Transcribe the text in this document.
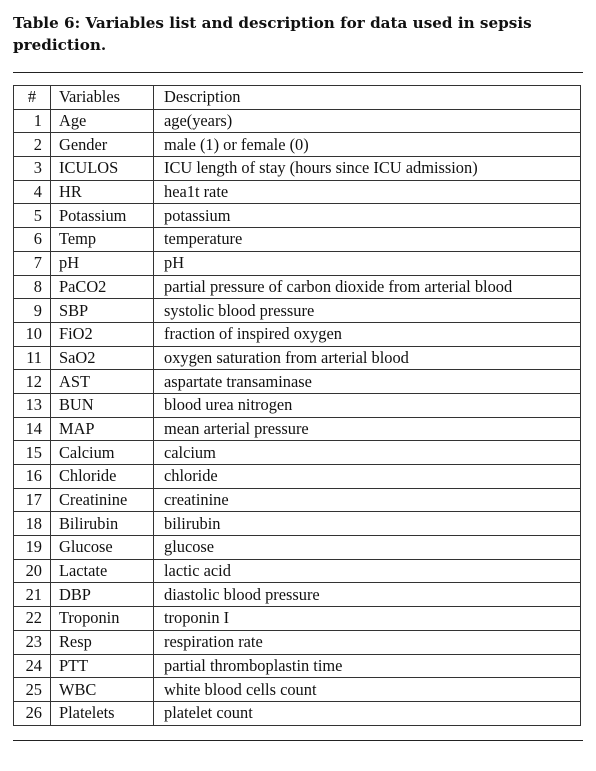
Table 6: Variables list and description for data used in sepsis prediction.
#	Variables	Description
1	Age	age(years)
2	Gender	male (1) or female (0)
3	ICULOS	ICU length of stay (hours since ICU admission)
4	HR	hea1t rate
5	Potassium	potassium
6	Temp	temperature
7	pH	pH
8	PaCO2	partial pressure of carbon dioxide from arterial blood
9	SBP	systolic blood pressure
10	FiO2	fraction of inspired oxygen
11	SaO2	oxygen saturation from arterial blood
12	AST	aspartate transaminase
13	BUN	blood urea nitrogen
14	MAP	mean arterial pressure
15	Calcium	calcium
16	Chloride	chloride
17	Creatinine	creatinine
18	Bilirubin	bilirubin
19	Glucose	glucose
20	Lactate	lactic acid
21	DBP	diastolic blood pressure
22	Troponin	troponin I
23	Resp	respiration rate
24	PTT	partial thromboplastin time
25	WBC	white blood cells count
26	Platelets	platelet count
